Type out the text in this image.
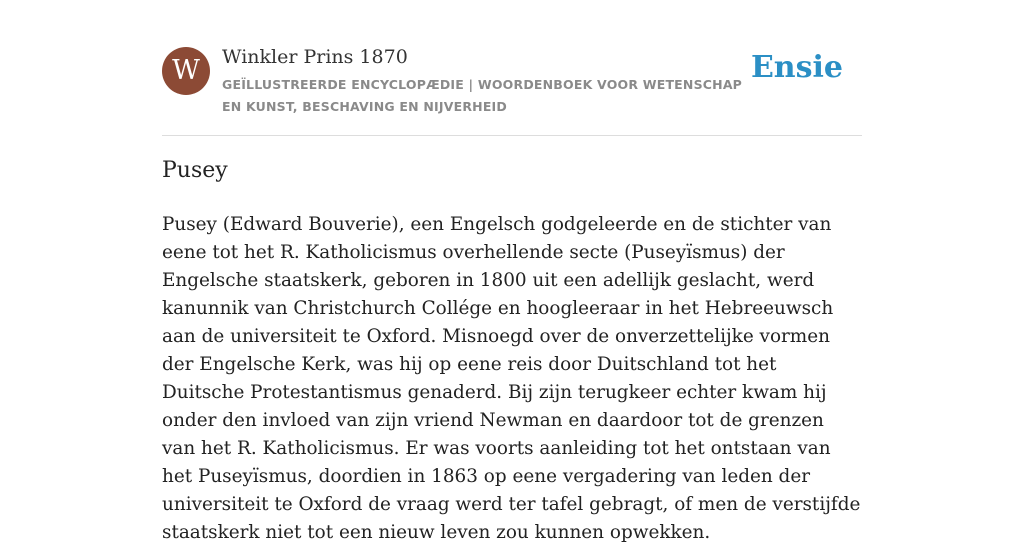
W	Winkler Prins 1870
GEÏLLUSTREERDE ENCYCLOPÆDIE | WOORDENBOEK VOOR WETENSCHAP EN KUNST, BESCHAVING EN NIJVERHEID
Ensie
Pusey

Pusey (Edward Bouverie), een Engelsch godgeleerde en de stichter van eene tot het R. Katholicismus overhellende secte (Puseyïsmus) der Engelsche staatskerk, geboren in 1800 uit een adellijk geslacht, werd kanunnik van Christchurch Collége en hoogleeraar in het Hebreeuwsch aan de universiteit te Oxford. Misnoegd over de onverzettelijke vormen der Engelsche Kerk, was hij op eene reis door Duitschland tot het Duitsche Protestantismus genaderd. Bij zijn terugkeer echter kwam hij onder den invloed van zijn vriend Newman en daardoor tot de grenzen van het R. Katholicismus. Er was voorts aanleiding tot het ontstaan van het Puseyïsmus, doordien in 1863 op eene vergadering van leden der universiteit te Oxford de vraag werd ter tafel gebragt, of men de verstijfde staatskerk niet tot een nieuw leven zou kunnen opwekken.
